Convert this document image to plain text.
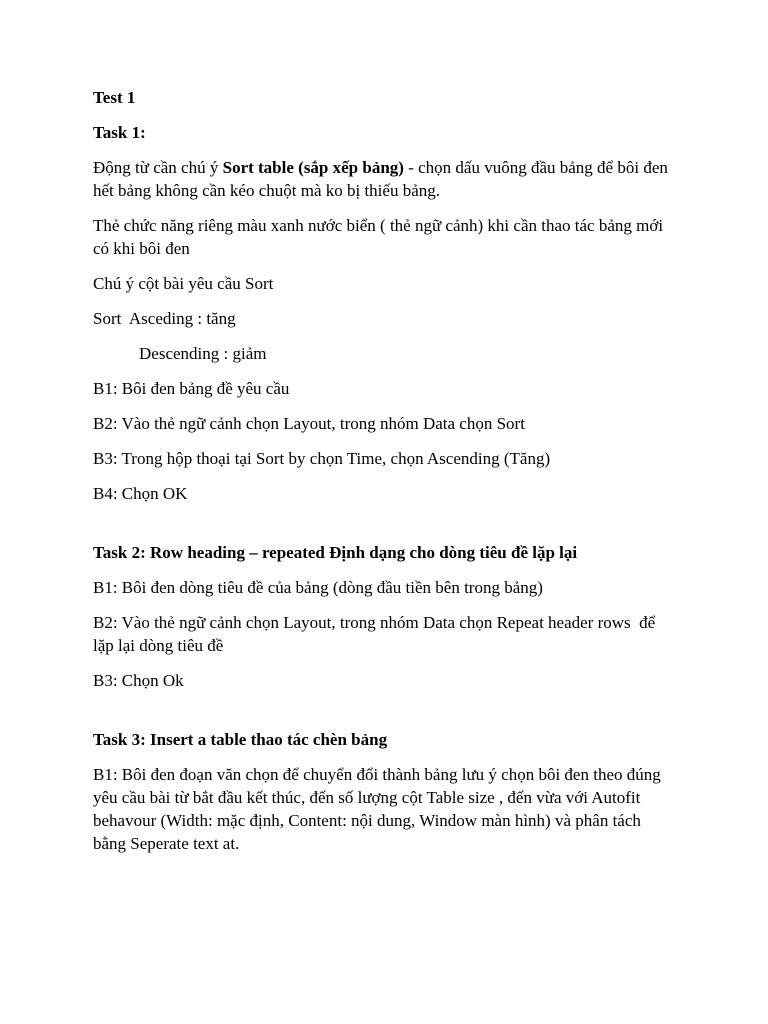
Test 1

Task 1:

Động từ cần chú ý Sort table (sắp xếp bảng) - chọn dấu vuông đầu bảng để bôi đen hết bảng không cần kéo chuột mà ko bị thiếu bảng.

Thẻ chức năng riêng màu xanh nước biển ( thẻ ngữ cảnh) khi cần thao tác bảng mới có khi bôi đen

Chú ý cột bài yêu cầu Sort

Sort  Asceding : tăng

Descending : giảm

B1: Bôi đen bảng đề yêu cầu

B2: Vào thẻ ngữ cảnh chọn Layout, trong nhóm Data chọn Sort

B3: Trong hộp thoại tại Sort by chọn Time, chọn Ascending (Tăng)

B4: Chọn OK

Task 2: Row heading – repeated Định dạng cho dòng tiêu đề lặp lại

B1: Bôi đen dòng tiêu đề của bảng (dòng đầu tiền bên trong bảng)

B2: Vào thẻ ngữ cảnh chọn Layout, trong nhóm Data chọn Repeat header rows  để lặp lại dòng tiêu đề

B3: Chọn Ok

Task 3: Insert a table thao tác chèn bảng

B1: Bôi đen đoạn văn chọn để chuyển đổi thành bảng lưu ý chọn bôi đen theo đúng yêu cầu bài từ bắt đầu kết thúc, đến số lượng cột Table size , đến vừa với Autofit behavour (Width: mặc định, Content: nội dung, Window màn hình) và phân tách bằng Seperate text at.
